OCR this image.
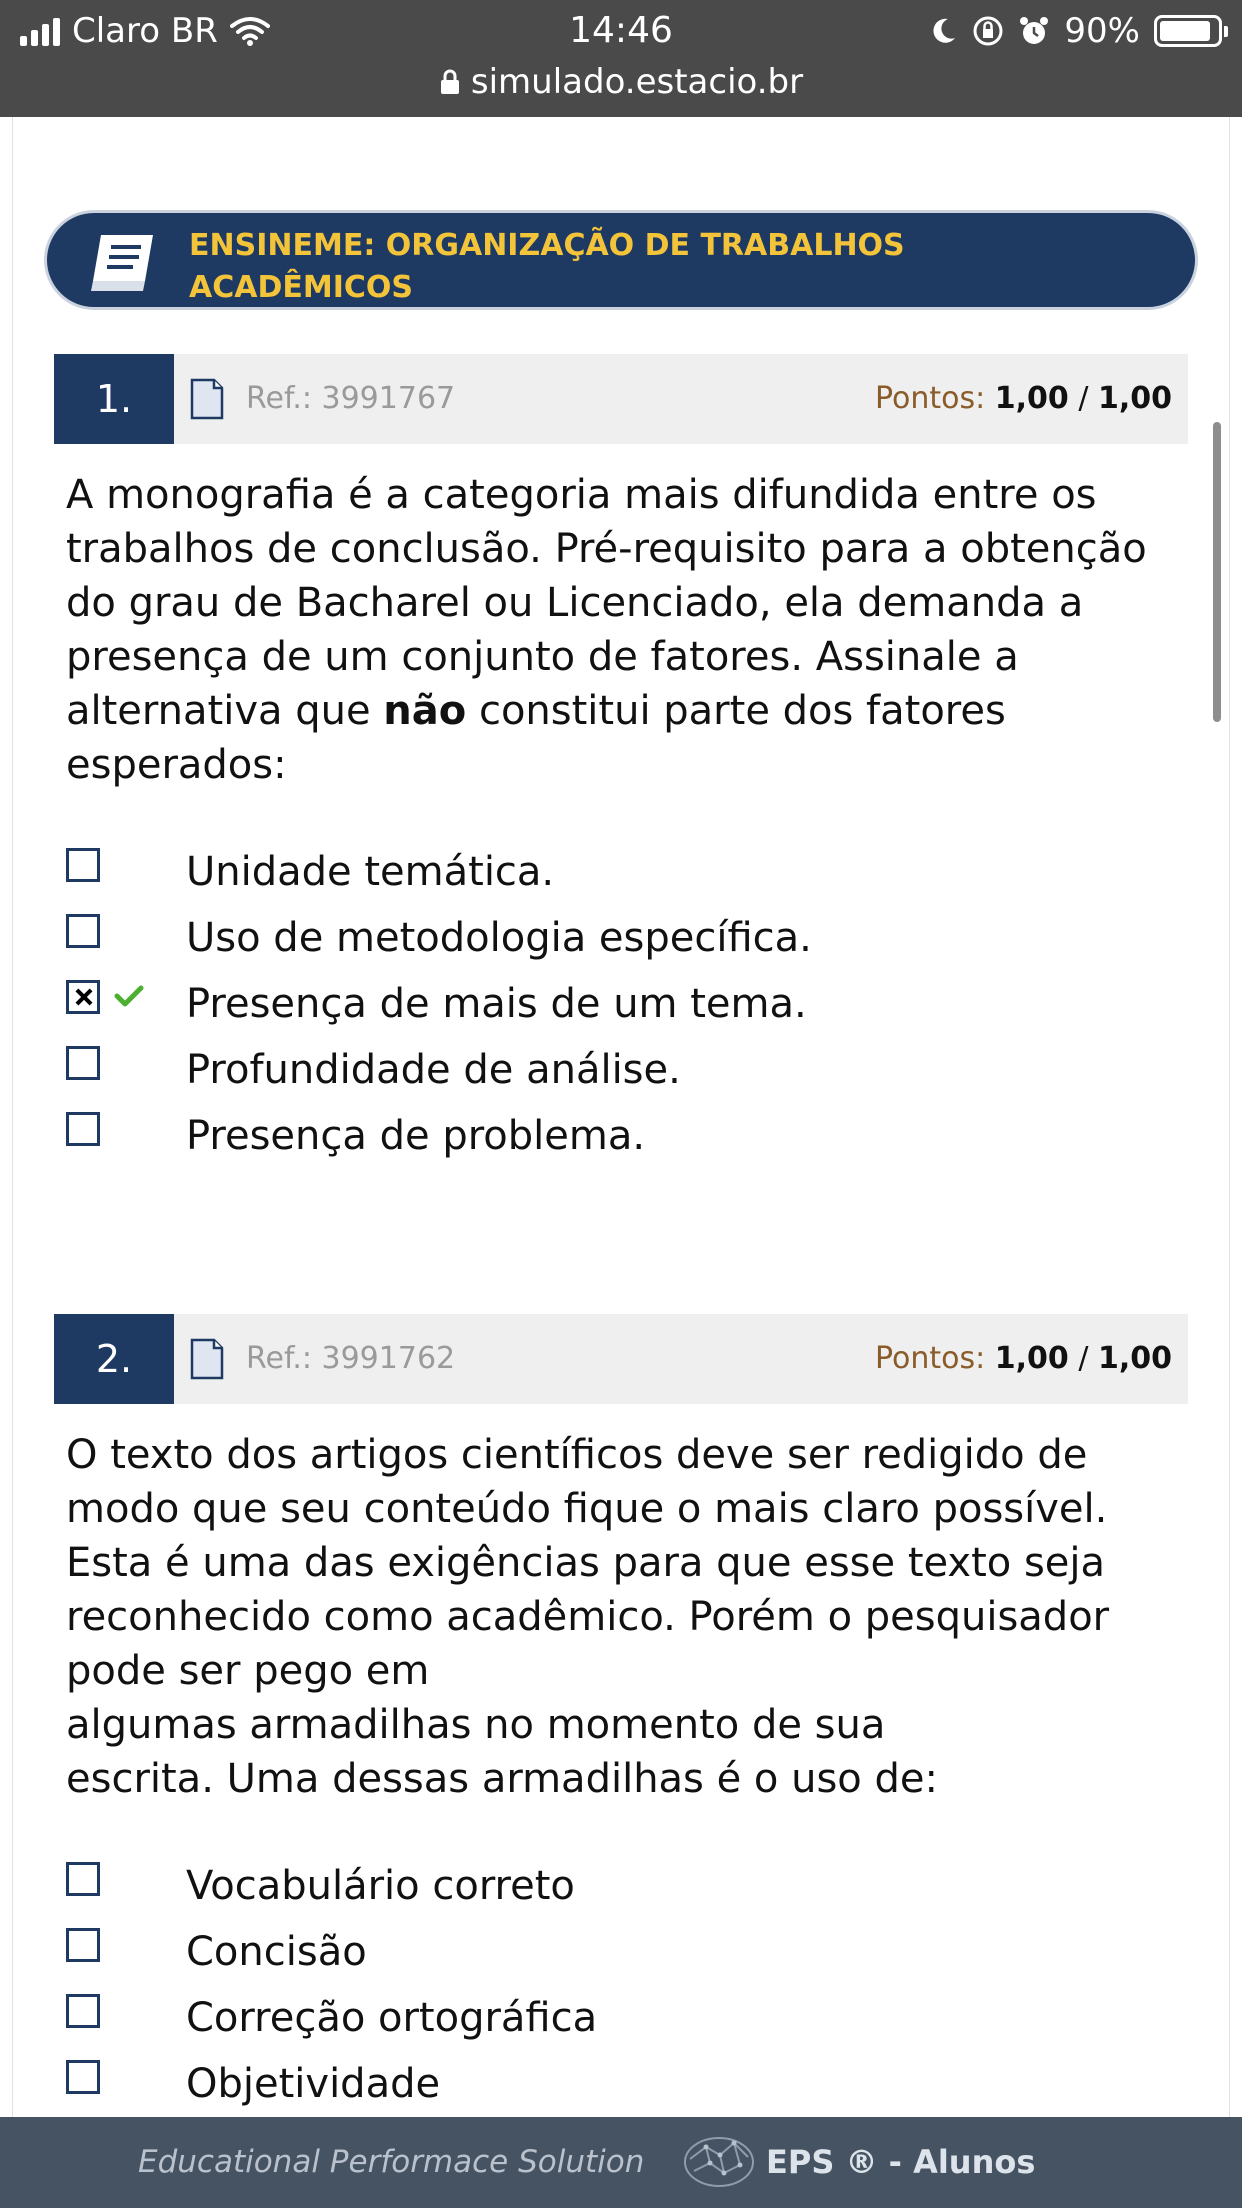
Claro BR	14:46	90%
simulado.estacio.br
ENSINEME: ORGANIZAÇÃO DE TRABALHOS ACADÊMICOS
1.	Ref.: 3991767	Pontos: 1,00 / 1,00
A monografia é a categoria mais difundida entre os trabalhos de conclusão. Pré-requisito para a obtenção do grau de Bacharel ou Licenciado, ela demanda a presença de um conjunto de fatores. Assinale a alternativa que não constitui parte dos fatores esperados:
Unidade temática.
Uso de metodologia específica.
Presença de mais de um tema.
Profundidade de análise.
Presença de problema.
2.	Ref.: 3991762	Pontos: 1,00 / 1,00
O texto dos artigos científicos deve ser redigido de modo que seu conteúdo fique o mais claro possível. Esta é uma das exigências para que esse texto seja reconhecido como acadêmico. Porém o pesquisador pode ser pego em
algumas armadilhas no momento de sua
escrita. Uma dessas armadilhas é o uso de:
Vocabulário correto
Concisão
Correção ortográfica
Objetividade
Educational Performace Solution	EPS ® - Alunos
